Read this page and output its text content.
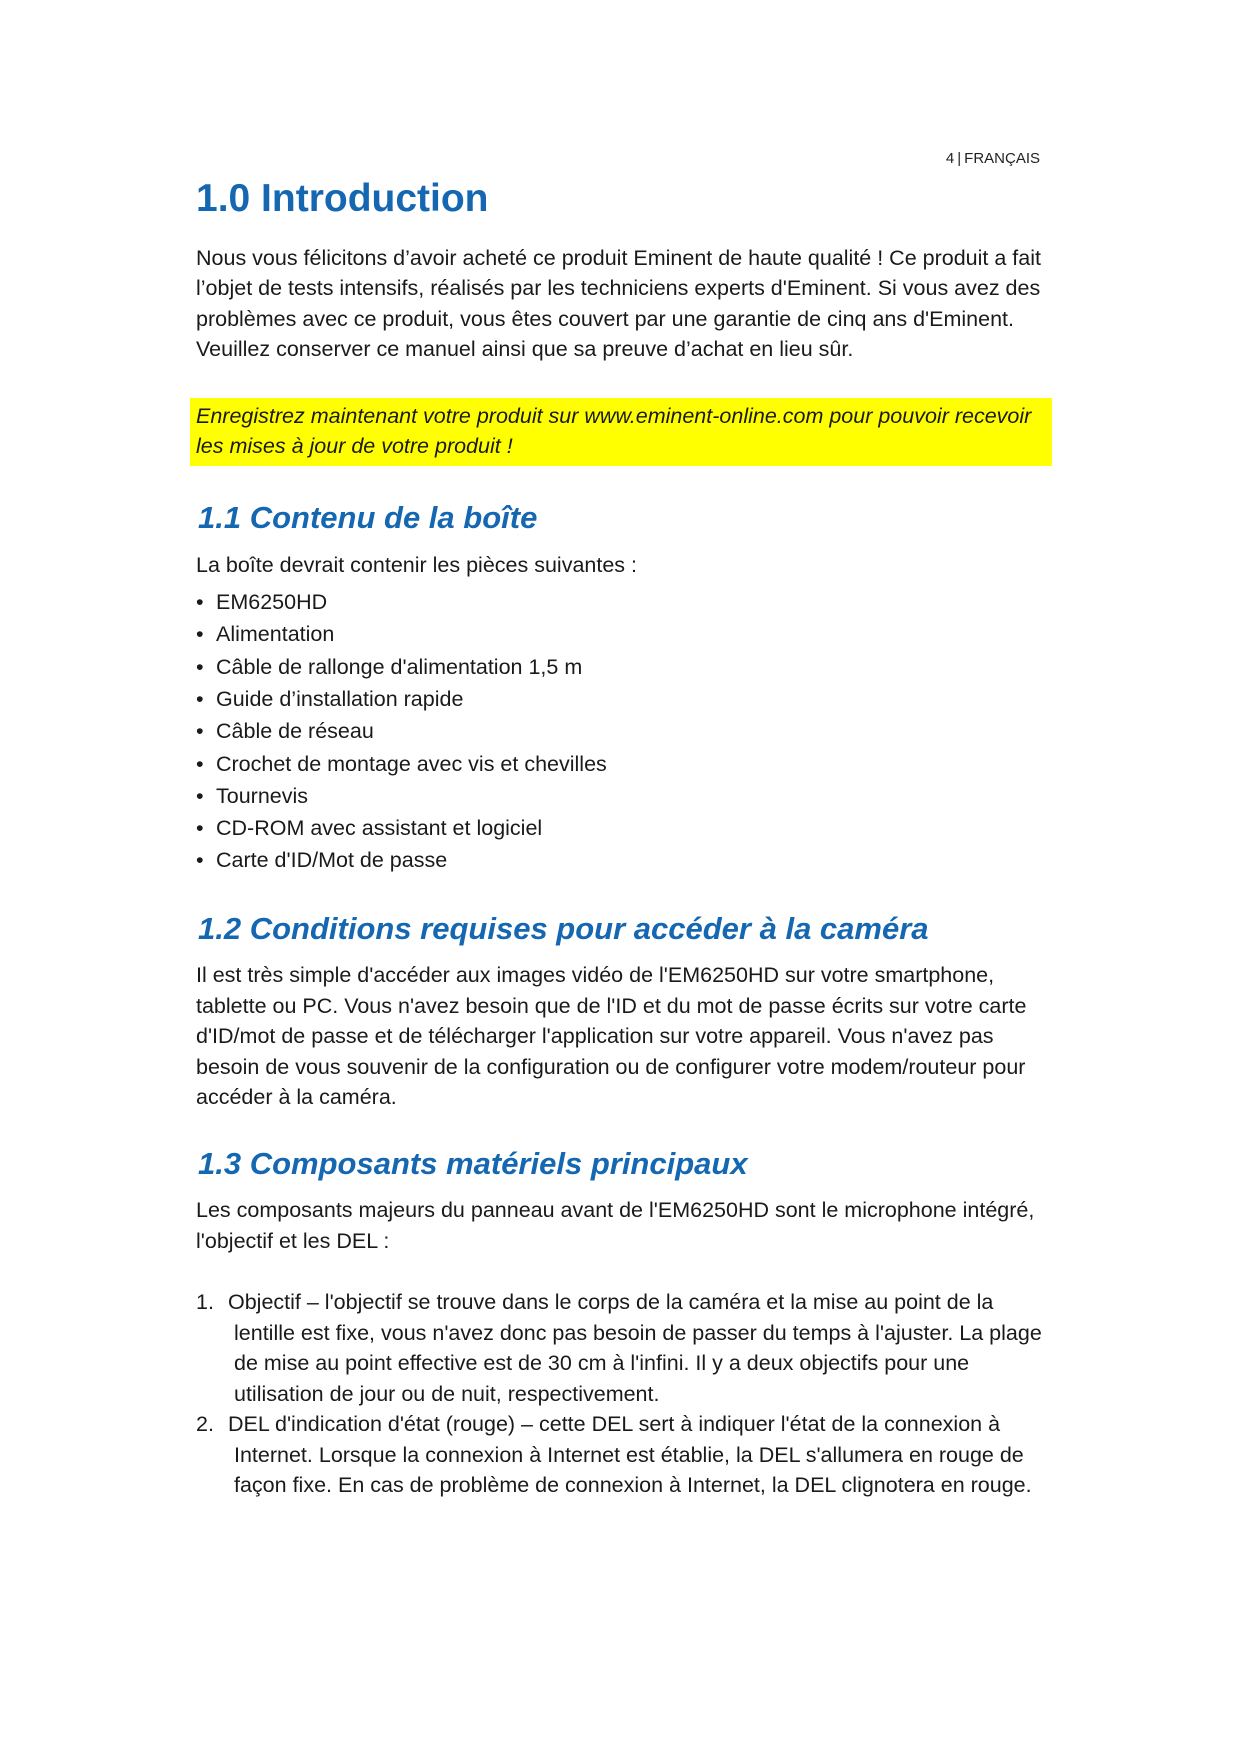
4 | FRANÇAIS
1.0 Introduction

Nous vous félicitons d’avoir acheté ce produit Eminent de haute qualité ! Ce produit a fait l’objet de tests intensifs, réalisés par les techniciens experts d'Eminent. Si vous avez des problèmes avec ce produit, vous êtes couvert par une garantie de cinq ans d'Eminent. Veuillez conserver ce manuel ainsi que sa preuve d’achat en lieu sûr.

Enregistrez maintenant votre produit sur www.eminent-online.com pour pouvoir recevoir les mises à jour de votre produit !
1.1 Contenu de la boîte

La boîte devrait contenir les pièces suivantes :

• EM6250HD
• Alimentation
• Câble de rallonge d'alimentation 1,5 m
• Guide d’installation rapide
• Câble de réseau
• Crochet de montage avec vis et chevilles
• Tournevis
• CD-ROM avec assistant et logiciel
• Carte d'ID/Mot de passe
1.2 Conditions requises pour accéder à la caméra

Il est très simple d'accéder aux images vidéo de l'EM6250HD sur votre smartphone, tablette ou PC. Vous n'avez besoin que de l'ID et du mot de passe écrits sur votre carte d'ID/mot de passe et de télécharger l'application sur votre appareil. Vous n'avez pas besoin de vous souvenir de la configuration ou de configurer votre modem/routeur pour accéder à la caméra.

1.3 Composants matériels principaux

Les composants majeurs du panneau avant de l'EM6250HD sont le microphone intégré, l'objectif et les DEL :

1. Objectif – l'objectif se trouve dans le corps de la caméra et la mise au point de la lentille est fixe, vous n'avez donc pas besoin de passer du temps à l'ajuster. La plage de mise au point effective est de 30 cm à l'infini. Il y a deux objectifs pour une utilisation de jour ou de nuit, respectivement.
2. DEL d'indication d'état (rouge) – cette DEL sert à indiquer l'état de la connexion à Internet. Lorsque la connexion à Internet est établie, la DEL s'allumera en rouge de façon fixe. En cas de problème de connexion à Internet, la DEL clignotera en rouge.
